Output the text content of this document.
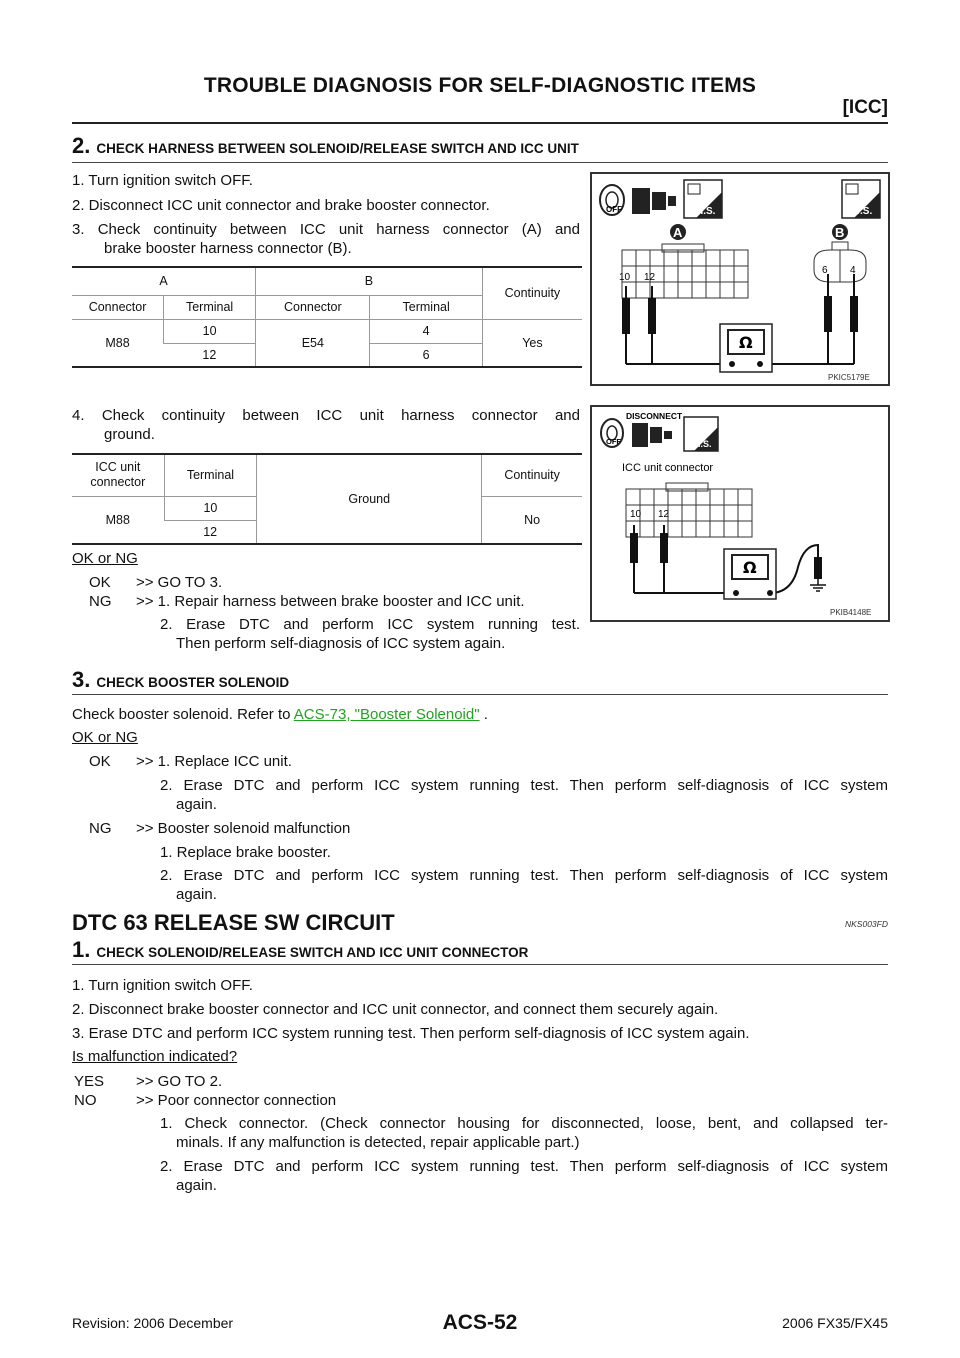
TROUBLE DIAGNOSIS FOR SELF-DIAGNOSTIC ITEMS
[ICC]
2. CHECK HARNESS BETWEEN SOLENOID/RELEASE SWITCH AND ICC UNIT
1. Turn ignition switch OFF.
2. Disconnect ICC unit connector and brake booster connector.
3. Check continuity between ICC unit harness connector (A) and
brake booster harness connector (B).
A		B		Continuity
Connector	Terminal	Connector	Terminal	
M88	10	E54	4	Yes
	12		6	
OFF	H.S.	T.S.
A	B
10 12
6 4
Ω
PKIC5179E
4. Check continuity between ICC unit harness connector and
ground.
ICC unit
connector	Terminal	Ground	Continuity
M88	10		No
	12		
DISCONNECT
OFF	H.S.
ICC unit connector
10 12
Ω
PKIB4148E
OK or NG
OK >> GO TO 3.
NG >> 1. Repair harness between brake booster and ICC unit.
2. Erase DTC and perform ICC system running test.
Then perform self-diagnosis of ICC system again.
3. CHECK BOOSTER SOLENOID
Check booster solenoid. Refer to ACS-73, "Booster Solenoid" .
OK or NG
OK >> 1. Replace ICC unit.
2. Erase DTC and perform ICC system running test. Then perform self-diagnosis of ICC system
again.
NG >> Booster solenoid malfunction
1. Replace brake booster.
2. Erase DTC and perform ICC system running test. Then perform self-diagnosis of ICC system
again.
DTC 63 RELEASE SW CIRCUIT	NKS003FD
1. CHECK SOLENOID/RELEASE SWITCH AND ICC UNIT CONNECTOR
1. Turn ignition switch OFF.
2. Disconnect brake booster connector and ICC unit connector, and connect them securely again.
3. Erase DTC and perform ICC system running test. Then perform self-diagnosis of ICC system again.
Is malfunction indicated?
YES >> GO TO 2.
NO	>> Poor connector connection
1. Check connector. (Check connector housing for disconnected, loose, bent, and collapsed ter-
minals. If any malfunction is detected, repair applicable part.)
2. Erase DTC and perform ICC system running test. Then perform self-diagnosis of ICC system
again.
Revision: 2006 December	ACS-52	2006 FX35/FX45
